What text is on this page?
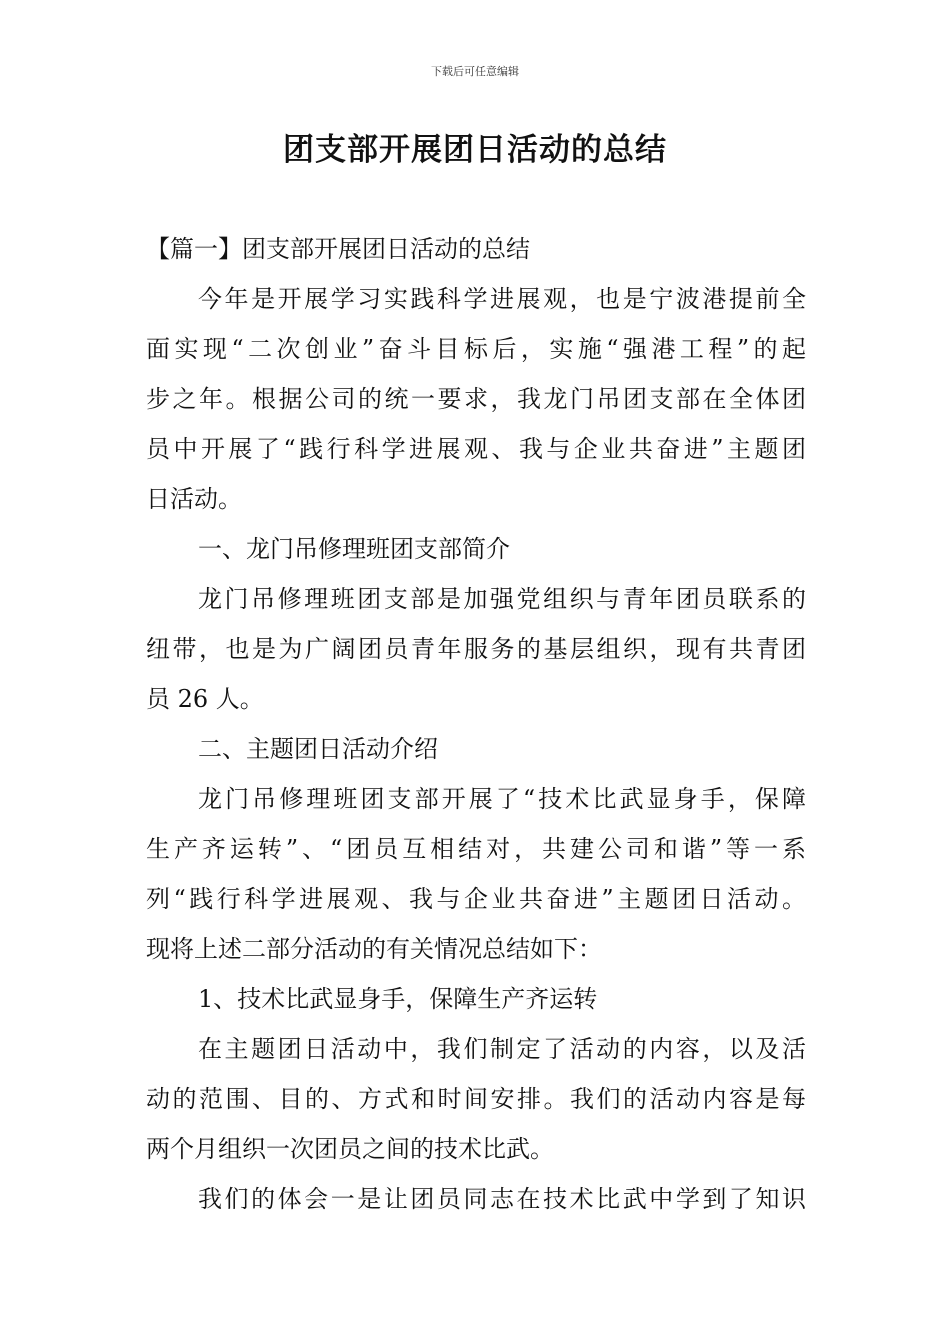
下载后可任意编辑
团支部开展团日活动的总结
【篇一】团支部开展团日活动的总结
今年是开展学习实践科学进展观，也是宁波港提前全
面实现“二次创业”奋斗目标后，实施“强港工程”的起
步之年。根据公司的统一要求，我龙门吊团支部在全体团
员中开展了“践行科学进展观、我与企业共奋进”主题团
日活动。
一、龙门吊修理班团支部简介
龙门吊修理班团支部是加强党组织与青年团员联系的
纽带，也是为广阔团员青年服务的基层组织，现有共青团
员 26 人。
二、主题团日活动介绍
龙门吊修理班团支部开展了“技术比武显身手，保障
生产齐运转”、“团员互相结对，共建公司和谐”等一系
列“践行科学进展观、我与企业共奋进”主题团日活动。
现将上述二部分活动的有关情况总结如下：
1、技术比武显身手，保障生产齐运转
在主题团日活动中，我们制定了活动的内容，以及活
动的范围、目的、方式和时间安排。我们的活动内容是每
两个月组织一次团员之间的技术比武。
我们的体会一是让团员同志在技术比武中学到了知识
